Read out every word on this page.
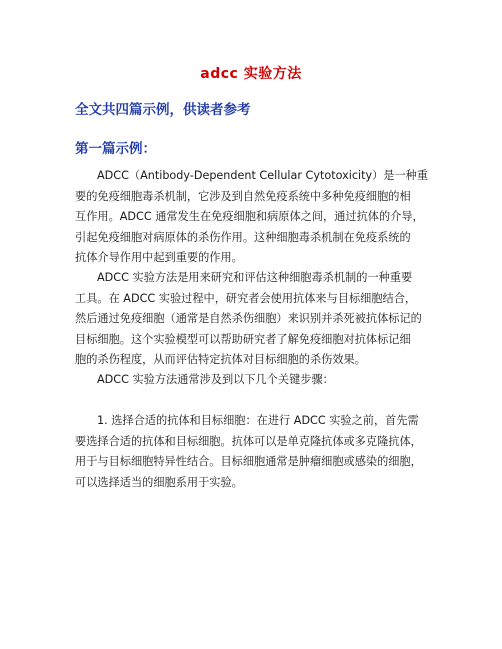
adcc 实验方法
全文共四篇示例，供读者参考
第一篇示例：
ADCC（Antibody-Dependent Cellular Cytotoxicity）是一种重
要的免疫细胞毒杀机制，它涉及到自然免疫系统中多种免疫细胞的相
互作用。ADCC 通常发生在免疫细胞和病原体之间，通过抗体的介导，
引起免疫细胞对病原体的杀伤作用。这种细胞毒杀机制在免疫系统的
抗体介导作用中起到重要的作用。
ADCC 实验方法是用来研究和评估这种细胞毒杀机制的一种重要
工具。在 ADCC 实验过程中，研究者会使用抗体来与目标细胞结合，
然后通过免疫细胞（通常是自然杀伤细胞）来识别并杀死被抗体标记的
目标细胞。这个实验模型可以帮助研究者了解免疫细胞对抗体标记细
胞的杀伤程度，从而评估特定抗体对目标细胞的杀伤效果。
ADCC 实验方法通常涉及到以下几个关键步骤：
1. 选择合适的抗体和目标细胞：在进行 ADCC 实验之前，首先需
要选择合适的抗体和目标细胞。抗体可以是单克隆抗体或多克隆抗体，
用于与目标细胞特异性结合。目标细胞通常是肿瘤细胞或感染的细胞，
可以选择适当的细胞系用于实验。
